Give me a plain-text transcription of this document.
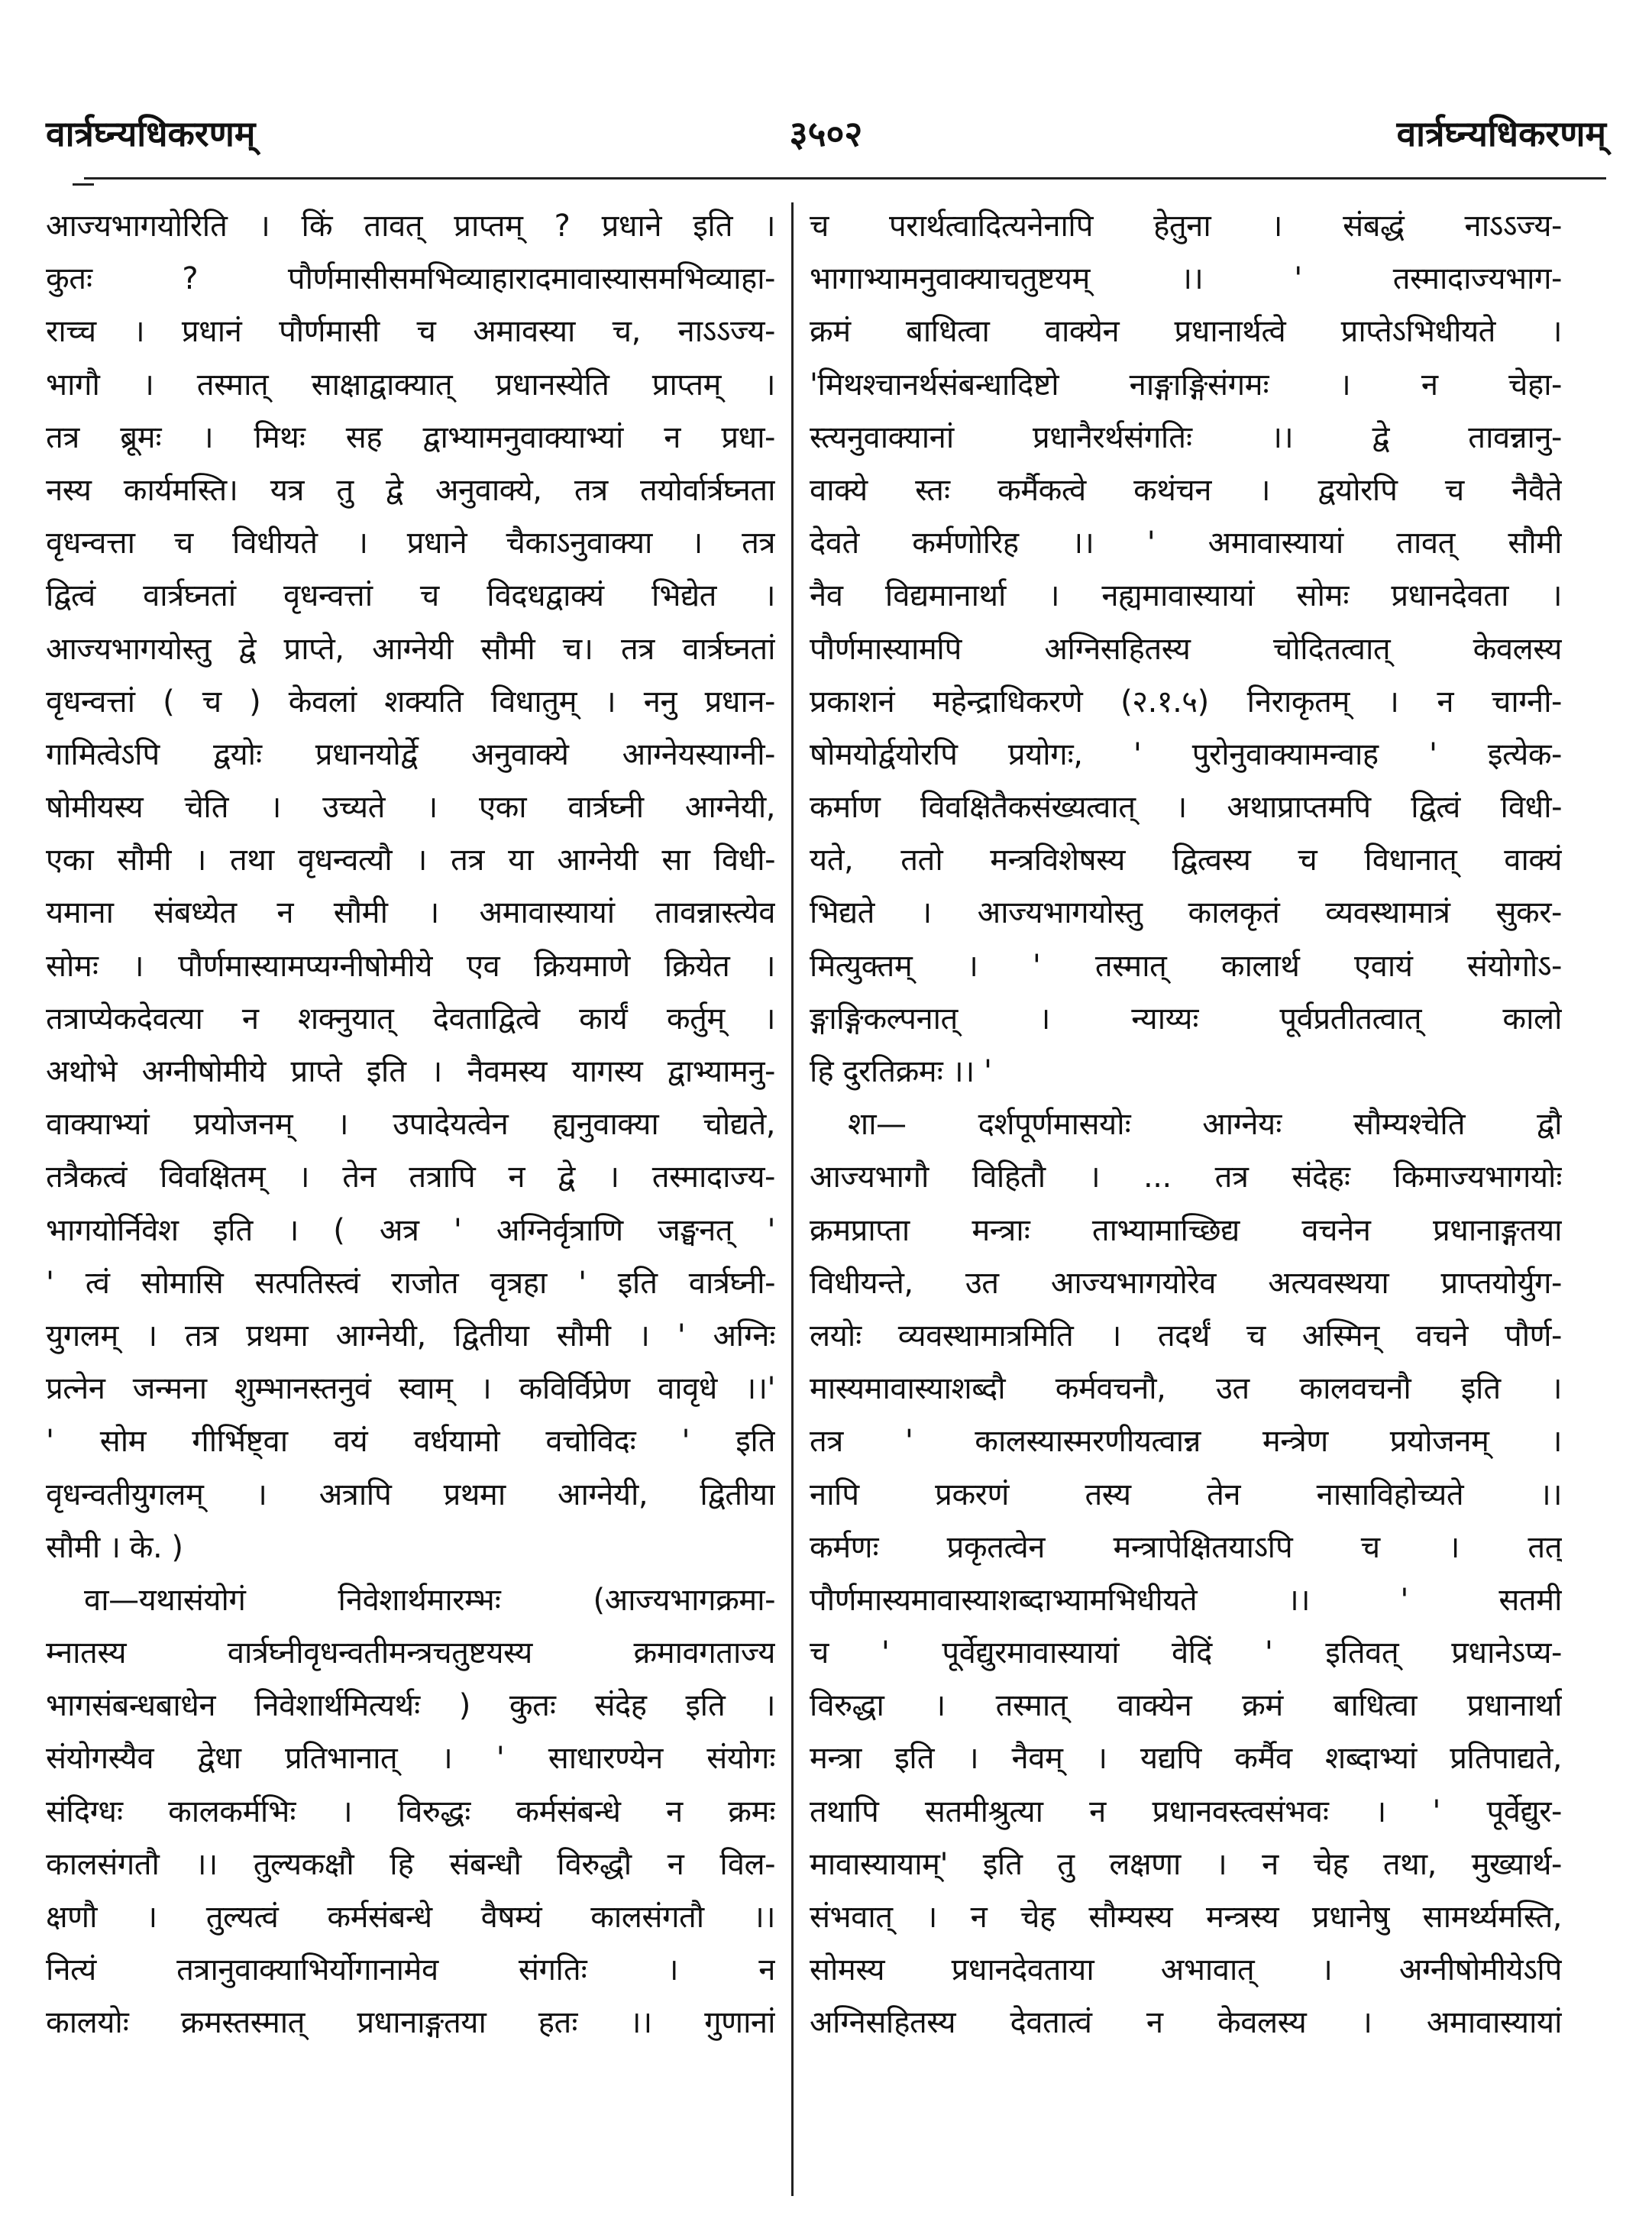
वार्त्रघ्न्यधिकरणम्	३५०२	वार्त्रघ्न्यधिकरणम्
आज्यभागयोरिति । किं तावत् प्राप्तम् ? प्रधाने इति ।
कुतः ? पौर्णमासीसमभिव्याहारादमावास्यासमभिव्याहा-
राच्च । प्रधानं पौर्णमासी च अमावस्या च, नाऽऽज्य-
भागौ । तस्मात् साक्षाद्वाक्यात् प्रधानस्येति प्राप्तम् ।
तत्र ब्रूमः । मिथः सह द्वाभ्यामनुवाक्याभ्यां न प्रधा-
नस्य कार्यमस्ति। यत्र तु द्वे अनुवाक्ये, तत्र तयोर्वार्त्रघ्नता
वृधन्वत्ता च विधीयते । प्रधाने चैकाऽनुवाक्या । तत्र
द्वित्वं वार्त्रघ्नतां वृधन्वत्तां च विदधद्वाक्यं भिद्येत ।
आज्यभागयोस्तु द्वे प्राप्ते, आग्नेयी सौमी च। तत्र वार्त्रघ्नतां
वृधन्वत्तां ( च ) केवलां शक्यति विधातुम् । ननु प्रधान-
गामित्वेऽपि द्वयोः प्रधानयोर्द्वे अनुवाक्ये आग्नेयस्याग्नी-
षोमीयस्य चेति । उच्यते । एका वार्त्रघ्नी आग्नेयी,
एका सौमी । तथा वृधन्वत्यौ । तत्र या आग्नेयी सा विधी-
यमाना संबध्येत न सौमी । अमावास्यायां तावन्नास्त्येव
सोमः । पौर्णमास्यामप्यग्नीषोमीये एव क्रियमाणे क्रियेत ।
तत्राप्येकदेवत्या न शक्नुयात् देवताद्वित्वे कार्यं कर्तुम् ।
अथोभे अग्नीषोमीये प्राप्ते इति । नैवमस्य यागस्य द्वाभ्यामनु-
वाक्याभ्यां प्रयोजनम् । उपादेयत्वेन ह्यनुवाक्या चोद्यते,
तत्रैकत्वं विवक्षितम् । तेन तत्रापि न द्वे । तस्मादाज्य-
भागयोर्निवेश इति । ( अत्र ' अग्निर्वृत्राणि जङ्घनत् '
' त्वं सोमासि सत्पतिस्त्वं राजोत वृत्रहा ' इति वार्त्रघ्नी-
युगलम् । तत्र प्रथमा आग्नेयी, द्वितीया सौमी । ' अग्निः
प्रत्नेन जन्मना शुम्भानस्तनुवं स्वाम् । कविर्विप्रेण वावृधे ।।'
' सोम गीर्भिष्ट्वा वयं वर्धयामो वचोविदः ' इति
वृधन्वतीयुगलम् । अत्रापि प्रथमा आग्नेयी, द्वितीया
सौमी । के. )
वा—यथासंयोगं निवेशार्थमारम्भः (आज्यभागक्रमा-
म्नातस्य वार्त्रघ्नीवृधन्वतीमन्त्रचतुष्टयस्य क्रमावगताज्य
भागसंबन्धबाधेन निवेशार्थमित्यर्थः ) कुतः संदेह इति ।
संयोगस्यैव द्वेधा प्रतिभानात् । ' साधारण्येन संयोगः
संदिग्धः कालकर्मभिः । विरुद्धः कर्मसंबन्धे न क्रमः
कालसंगतौ ।। तुल्यकक्षौ हि संबन्धौ विरुद्धौ न विल-
क्षणौ । तुल्यत्वं कर्मसंबन्धे वैषम्यं कालसंगतौ ।।
नित्यं तत्रानुवाक्याभिर्योगानामेव संगतिः । न
कालयोः क्रमस्तस्मात् प्रधानाङ्गतया हतः ।। गुणानां
च परार्थत्वादित्यनेनापि हेतुना । संबद्धं नाऽऽज्य-
भागाभ्यामनुवाक्याचतुष्टयम् ।। ' तस्मादाज्यभाग-
क्रमं बाधित्वा वाक्येन प्रधानार्थत्वे प्राप्तेऽभिधीयते ।
'मिथश्चानर्थसंबन्धादिष्टो नाङ्गाङ्गिसंगमः । न चेहा-
स्त्यनुवाक्यानां प्रधानैरर्थसंगतिः ।। द्वे तावन्नानु-
वाक्ये स्तः कर्मैकत्वे कथंचन । द्वयोरपि च नैवैते
देवते कर्मणोरिह ।। ' अमावास्यायां तावत् सौमी
नैव विद्यमानार्था । नह्यमावास्यायां सोमः प्रधानदेवता ।
पौर्णमास्यामपि अग्निसहितस्य चोदितत्वात् केवलस्य
प्रकाशनं महेन्द्राधिकरणे (२.१.५) निराकृतम् । न चाग्नी-
षोमयोर्द्वयोरपि प्रयोगः, ' पुरोनुवाक्यामन्वाह ' इत्येक-
कर्माण विवक्षितैकसंख्यत्वात् । अथाप्राप्तमपि द्वित्वं विधी-
यते, ततो मन्त्रविशेषस्य द्वित्वस्य च विधानात् वाक्यं
भिद्यते । आज्यभागयोस्तु कालकृतं व्यवस्थामात्रं सुकर-
मित्युक्तम् । ' तस्मात् कालार्थ एवायं संयोगोऽ-
ङ्गाङ्गिकल्पनात् । न्याय्यः पूर्वप्रतीतत्वात् कालो
हि दुरतिक्रमः ।। '
शा— दर्शपूर्णमासयोः आग्नेयः सौम्यश्चेति द्वौ
आज्यभागौ विहितौ । ... तत्र संदेहः किमाज्यभागयोः
क्रमप्राप्ता मन्त्राः ताभ्यामाच्छिद्य वचनेन प्रधानाङ्गतया
विधीयन्ते, उत आज्यभागयोरेव अत्यवस्थया प्राप्तयोर्युग-
लयोः व्यवस्थामात्रमिति । तदर्थं च अस्मिन् वचने पौर्ण-
मास्यमावास्याशब्दौ कर्मवचनौ, उत कालवचनौ इति ।
तत्र ' कालस्यास्मरणीयत्वान्न मन्त्रेण प्रयोजनम् ।
नापि प्रकरणं तस्य तेन नासाविहोच्यते ।।
कर्मणः प्रकृतत्वेन मन्त्रापेक्षितयाऽपि च । तत्
पौर्णमास्यमावास्याशब्दाभ्यामभिधीयते ।। ' सतमी
च ' पूर्वेद्युरमावास्यायां वेदिं ' इतिवत् प्रधानेऽप्य-
विरुद्धा । तस्मात् वाक्येन क्रमं बाधित्वा प्रधानार्था
मन्त्रा इति । नैवम् । यद्यपि कर्मैव शब्दाभ्यां प्रतिपाद्यते,
तथापि सतमीश्रुत्या न प्रधानवस्त्वसंभवः । ' पूर्वेद्युर-
मावास्यायाम्' इति तु लक्षणा । न चेह तथा, मुख्यार्थ-
संभवात् । न चेह सौम्यस्य मन्त्रस्य प्रधानेषु सामर्थ्यमस्ति,
सोमस्य प्रधानदेवताया अभावात् । अग्नीषोमीयेऽपि
अग्निसहितस्य देवतात्वं न केवलस्य । अमावास्यायां
